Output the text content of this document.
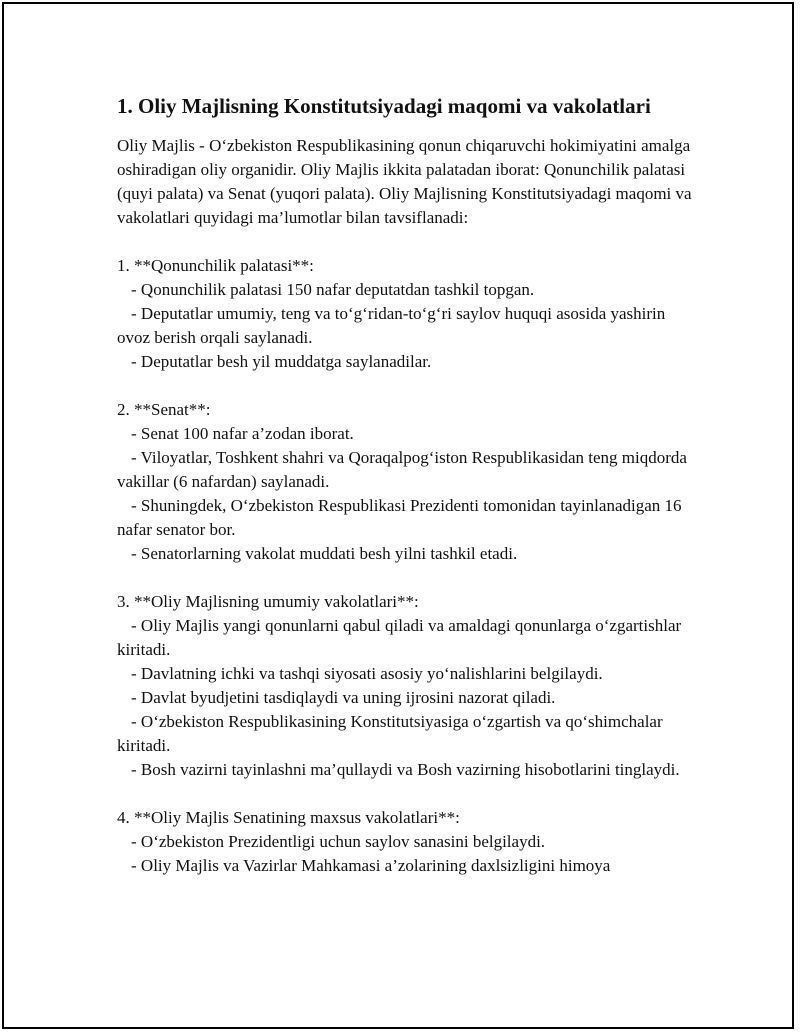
1. Oliy Majlisning Konstitutsiyadagi maqomi va vakolatlari

Oliy Majlis - O‘zbekiston Respublikasining qonun chiqaruvchi hokimiyatini amalga oshiradigan oliy organidir. Oliy Majlis ikkita palatadan iborat: Qonunchilik palatasi (quyi palata) va Senat (yuqori palata). Oliy Majlisning Konstitutsiyadagi maqomi va vakolatlari quyidagi ma’lumotlar bilan tavsiflanadi:

1. **Qonunchilik palatasi**:

- Qonunchilik palatasi 150 nafar deputatdan tashkil topgan.

- Deputatlar umumiy, teng va to‘g‘ridan-to‘g‘ri saylov huquqi asosida yashirin ovoz berish orqali saylanadi.

- Deputatlar besh yil muddatga saylanadilar.

2. **Senat**:

- Senat 100 nafar a’zodan iborat.

- Viloyatlar, Toshkent shahri va Qoraqalpog‘iston Respublikasidan teng miqdorda vakillar (6 nafardan) saylanadi.

- Shuningdek, O‘zbekiston Respublikasi Prezidenti tomonidan tayinlanadigan 16 nafar senator bor.

- Senatorlarning vakolat muddati besh yilni tashkil etadi.

3. **Oliy Majlisning umumiy vakolatlari**:

- Oliy Majlis yangi qonunlarni qabul qiladi va amaldagi qonunlarga o‘zgartishlar kiritadi.

- Davlatning ichki va tashqi siyosati asosiy yo‘nalishlarini belgilaydi.

- Davlat byudjetini tasdiqlaydi va uning ijrosini nazorat qiladi.

- O‘zbekiston Respublikasining Konstitutsiyasiga o‘zgartish va qo‘shimchalar kiritadi.

- Bosh vazirni tayinlashni ma’qullaydi va Bosh vazirning hisobotlarini tinglaydi.

4. **Oliy Majlis Senatining maxsus vakolatlari**:

- O‘zbekiston Prezidentligi uchun saylov sanasini belgilaydi.

- Oliy Majlis va Vazirlar Mahkamasi a’zolarining daxlsizligini himoya
